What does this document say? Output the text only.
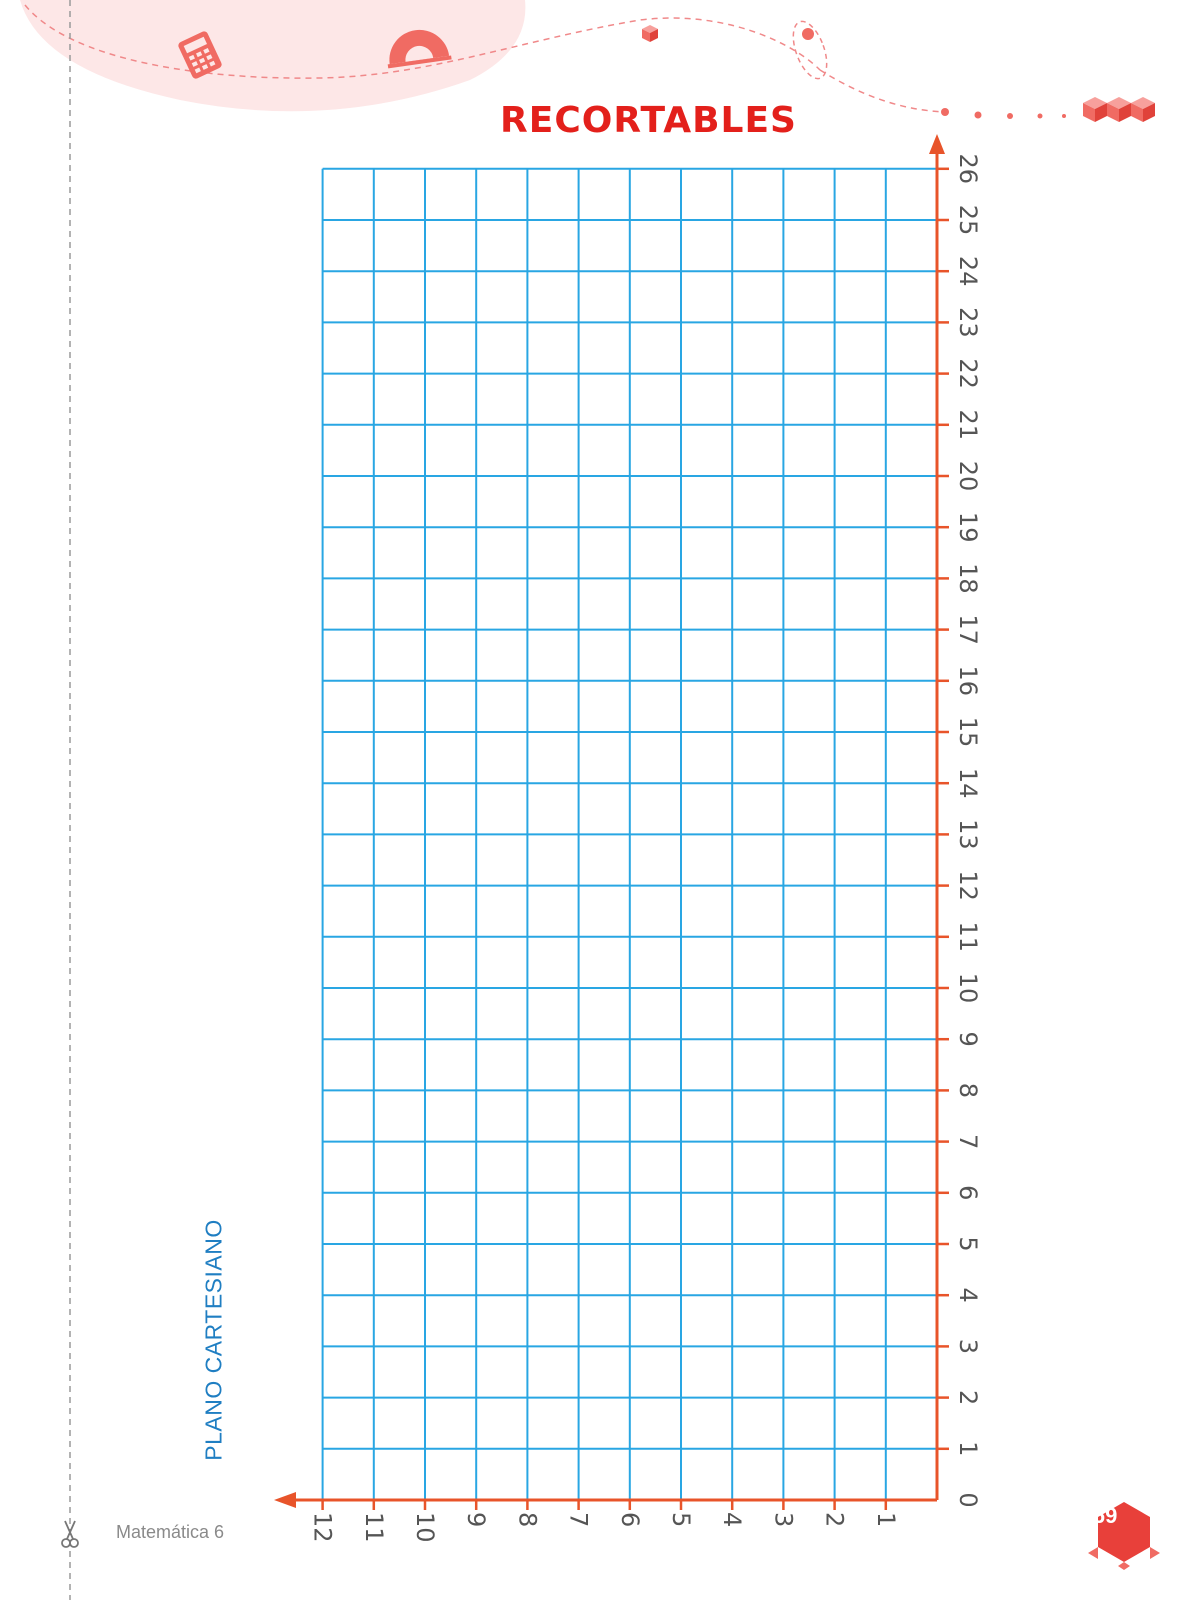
0
1
2
3
4
5
6
7
8
9
10
11
12
13
14
15
16
17
18
19
20
21
22
23
24
25
26
1
2
3
4
5
6
7
8
9
10
11
12
RECORTABLES
PLANO CARTESIANO
Matemática 6
169
